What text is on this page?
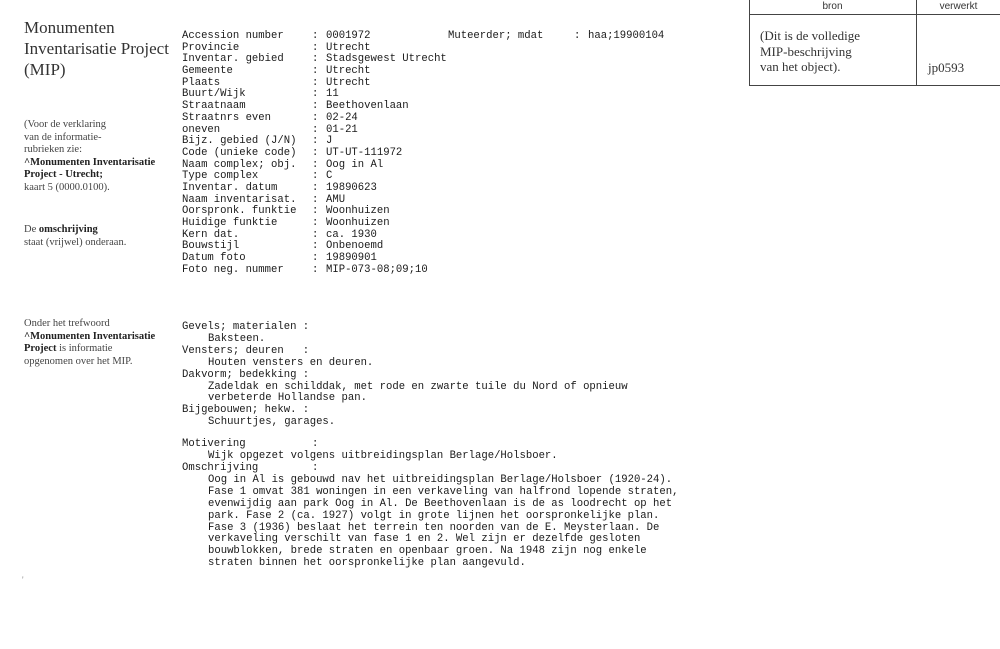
Monumenten Inventarisatie Project (MIP)
(Voor de verklaring
van de informatie-
rubrieken zie:
^Monumenten Inventarisatie
Project - Utrecht;
kaart 5 (0000.0100).
De omschrijving
staat (vrijwel) onderaan.
Onder het trefwoord
^Monumenten Inventarisatie
Project is informatie
opgenomen over het MIP.
'
bron	verwerkt
(Dit is de volledige
MIP-beschrijving
van het object).	jp0593
Accession number	: 0001972	Muteerder; mdat	: haa;19900104
Provincie	: Utrecht
Inventar. gebied	: Stadsgewest Utrecht
Gemeente	: Utrecht
Plaats	: Utrecht
Buurt/Wijk	: 11
Straatnaam	: Beethovenlaan
Straatnrs even	: 02-24
oneven	: 01-21
Bijz. gebied (J/N)	: J
Code (unieke code)	: UT-UT-111972
Naam complex; obj.	: Oog in Al
Type complex	: C
Inventar. datum	: 19890623
Naam inventarisat.	: AMU
Oorspronk. funktie	: Woonhuizen
Huidige funktie	: Woonhuizen
Kern dat.	: ca. 1930
Bouwstijl	: Onbenoemd
Datum foto	: 19890901
Foto neg. nummer	: MIP-073-08;09;10
Gevels; materialen :
Baksteen.
Vensters; deuren   :
Houten vensters en deuren.
Dakvorm; bedekking :
Zadeldak en schilddak, met rode en zwarte tuile du Nord of opnieuw
verbeterde Hollandse pan.
Bijgebouwen; hekw. :
Schuurtjes, garages.
Motivering	:
Wijk opgezet volgens uitbreidingsplan Berlage/Holsboer.
Omschrijving	:
Oog in Al is gebouwd nav het uitbreidingsplan Berlage/Holsboer (1920-24).
Fase 1 omvat 381 woningen in een verkaveling van halfrond lopende straten,
evenwijdig aan park Oog in Al. De Beethovenlaan is de as loodrecht op het
park. Fase 2 (ca. 1927) volgt in grote lijnen het oorspronkelijke plan.
Fase 3 (1936) beslaat het terrein ten noorden van de E. Meysterlaan. De
verkaveling verschilt van fase 1 en 2. Wel zijn er dezelfde gesloten
bouwblokken, brede straten en openbaar groen. Na 1948 zijn nog enkele
straten binnen het oorspronkelijke plan aangevuld.
